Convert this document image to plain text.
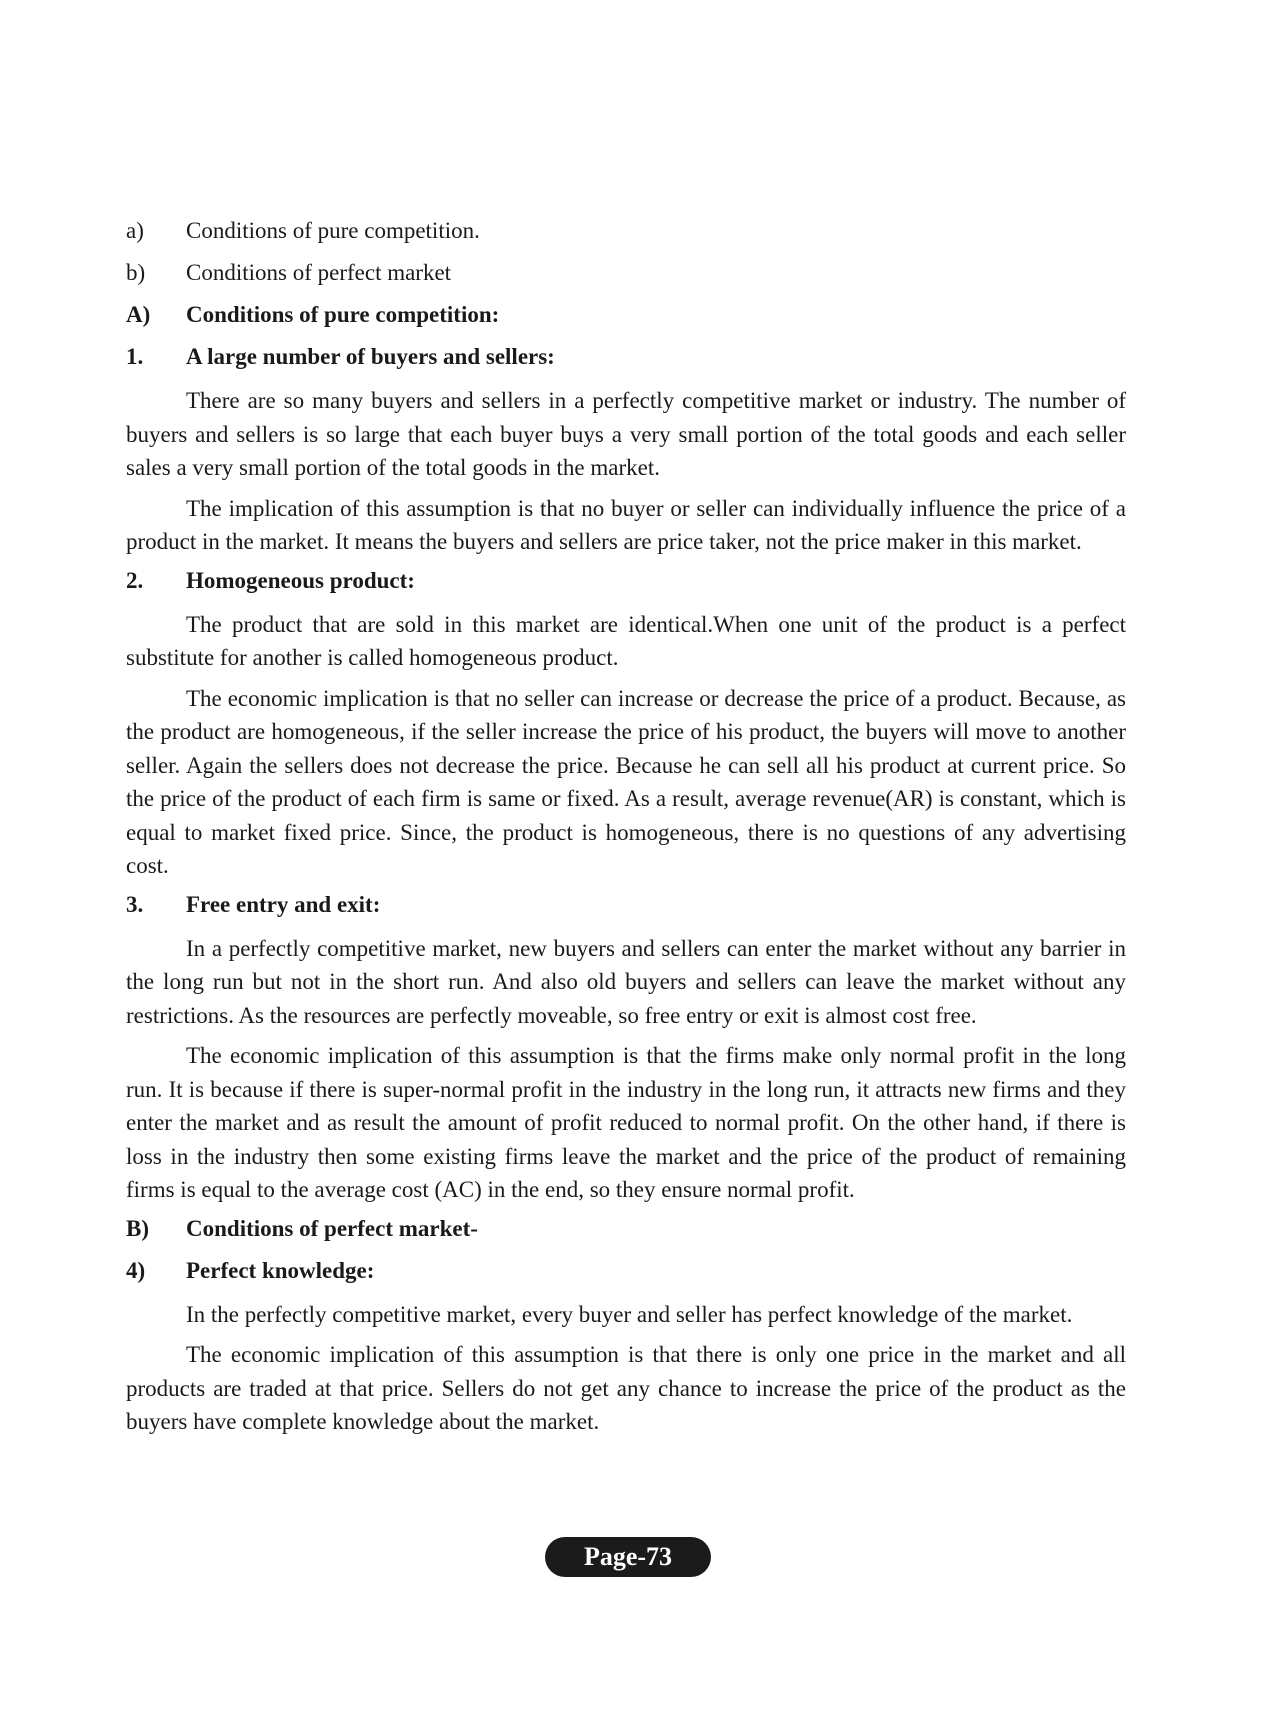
a)	Conditions of pure competition.
b)	Conditions of perfect market
A)	Conditions of pure competition:
1.	A large number of buyers and sellers:

There are so many buyers and sellers in a perfectly competitive market or industry. The number of buyers and sellers is so large that each buyer buys a very small portion of the total goods and each seller sales a very small portion of the total goods in the market.

The implication of this assumption is that no buyer or seller can individually influence the price of a product in the market. It means the buyers and sellers are price taker, not the price maker in this market.

2.	Homogeneous product:

The product that are sold in this market are identical.When one unit of the product is a perfect substitute for another is called homogeneous product.

The economic implication is that no seller can increase or decrease the price of a product. Because, as the product are homogeneous, if the seller increase the price of his product, the buyers will move to another seller. Again the sellers does not decrease the price. Because he can sell all his product at current price. So the price of the product of each firm is same or fixed. As a result, average revenue(AR) is constant, which is equal to market fixed price. Since, the product is homogeneous, there is no questions of any advertising cost.

3.	Free entry and exit:

In a perfectly competitive market, new buyers and sellers can enter the market without any barrier in the long run but not in the short run. And also old buyers and sellers can leave the market without any restrictions. As the resources are perfectly moveable, so free entry or exit is almost cost free.

The economic implication of this assumption is that the firms make only normal profit in the long run. It is because if there is super-normal profit in the industry in the long run, it attracts new firms and they enter the market and as result the amount of profit reduced to normal profit. On the other hand, if there is loss in the industry then some existing firms leave the market and the price of the product of remaining firms is equal to the average cost (AC) in the end, so they ensure normal profit.

B)	Conditions of perfect market-
4)	Perfect knowledge:

In the perfectly competitive market, every buyer and seller has perfect knowledge of the market.

The economic implication of this assumption is that there is only one price in the market and all products are traded at that price. Sellers do not get any chance to increase the price of the product as the buyers have complete knowledge about the market.

Page-73
